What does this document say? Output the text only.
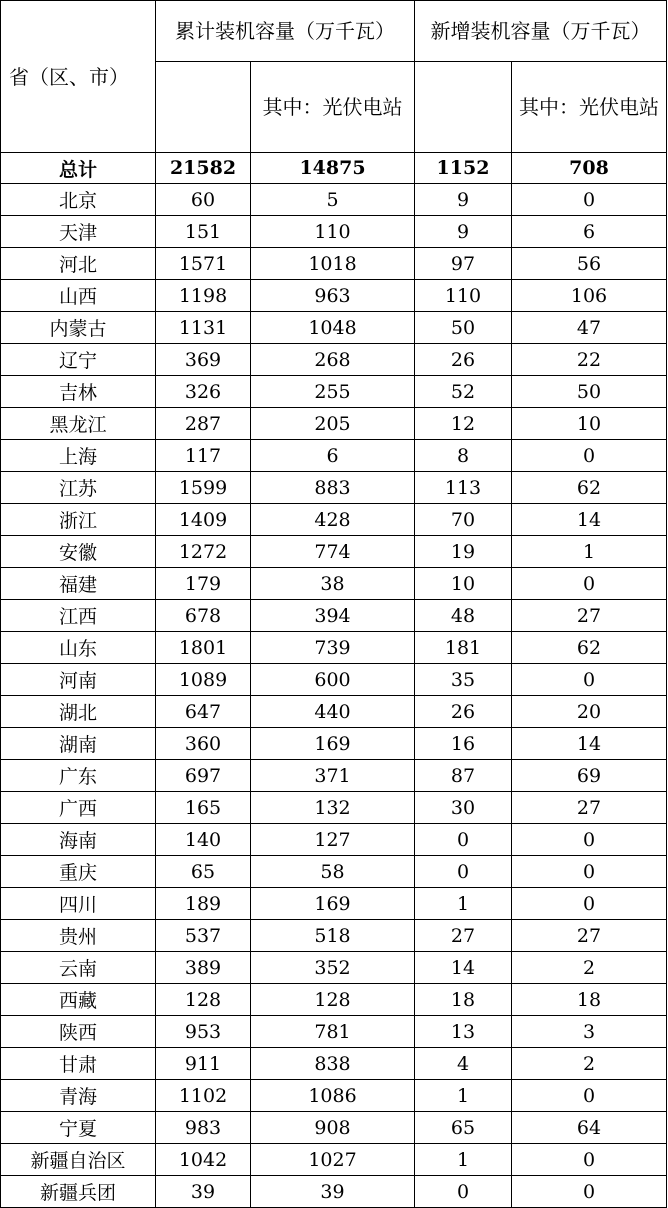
省（区、市）	累计装机容量（万千瓦）		新增装机容量（万千瓦）	
		其中：光伏电站		其中：光伏电站
总计	21582	14875	1152	708
北京	60	5	9	0
天津	151	110	9	6
河北	1571	1018	97	56
山西	1198	963	110	106
内蒙古	1131	1048	50	47
辽宁	369	268	26	22
吉林	326	255	52	50
黑龙江	287	205	12	10
上海	117	6	8	0
江苏	1599	883	113	62
浙江	1409	428	70	14
安徽	1272	774	19	1
福建	179	38	10	0
江西	678	394	48	27
山东	1801	739	181	62
河南	1089	600	35	0
湖北	647	440	26	20
湖南	360	169	16	14
广东	697	371	87	69
广西	165	132	30	27
海南	140	127	0	0
重庆	65	58	0	0
四川	189	169	1	0
贵州	537	518	27	27
云南	389	352	14	2
西藏	128	128	18	18
陕西	953	781	13	3
甘肃	911	838	4	2
青海	1102	1086	1	0
宁夏	983	908	65	64
新疆自治区	1042	1027	1	0
新疆兵团	39	39	0	0
